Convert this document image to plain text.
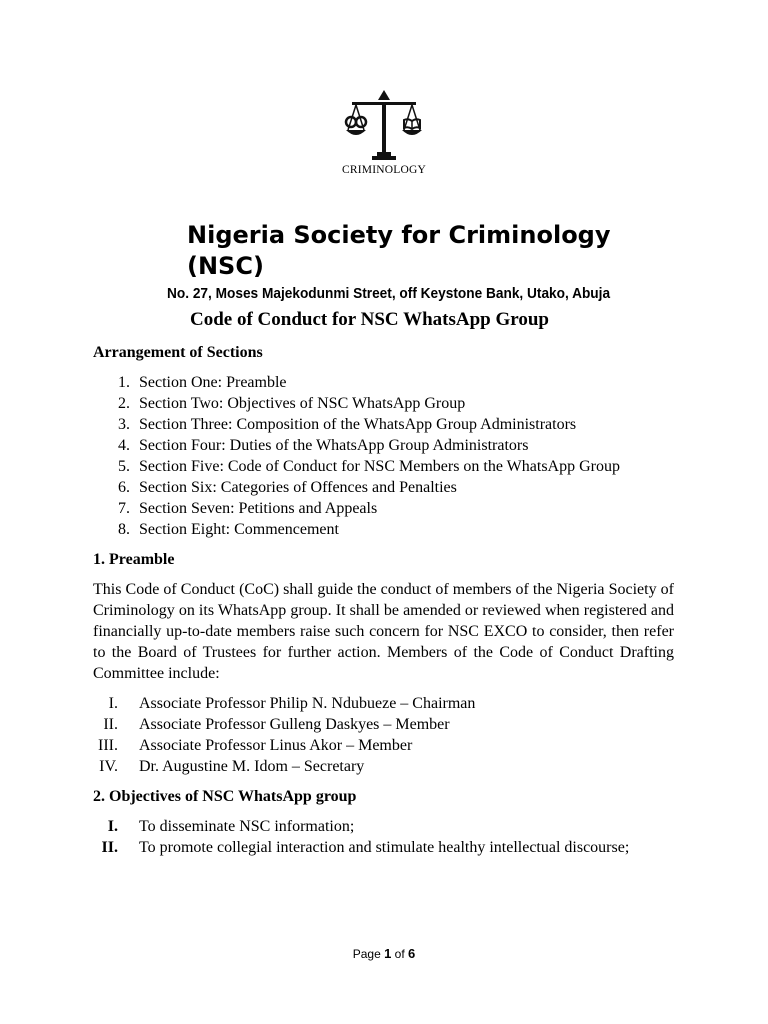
CRIMINOLOGY
Nigeria Society for Criminology (NSC)
No. 27, Moses Majekodunmi Street, off Keystone Bank, Utako, Abuja
Code of Conduct for NSC WhatsApp Group
Arrangement of Sections
1. Section One: Preamble
2. Section Two: Objectives of NSC WhatsApp Group
3. Section Three: Composition of the WhatsApp Group Administrators
4. Section Four: Duties of the WhatsApp Group Administrators
5. Section Five: Code of Conduct for NSC Members on the WhatsApp Group
6. Section Six: Categories of Offences and Penalties
7. Section Seven: Petitions and Appeals
8. Section Eight: Commencement
1. Preamble

This Code of Conduct (CoC) shall guide the conduct of members of the Nigeria Society of Criminology on its WhatsApp group. It shall be amended or reviewed when registered and financially up-to-date members raise such concern for NSC EXCO to consider, then refer to the Board of Trustees for further action. Members of the Code of Conduct Drafting Committee include:

I. Associate Professor Philip N. Ndubueze – Chairman
II. Associate Professor Gulleng Daskyes – Member
III. Associate Professor Linus Akor – Member
IV. Dr. Augustine M. Idom – Secretary
2. Objectives of NSC WhatsApp group
I. To disseminate NSC information;
II. To promote collegial interaction and stimulate healthy intellectual discourse;
Page 1 of 6
